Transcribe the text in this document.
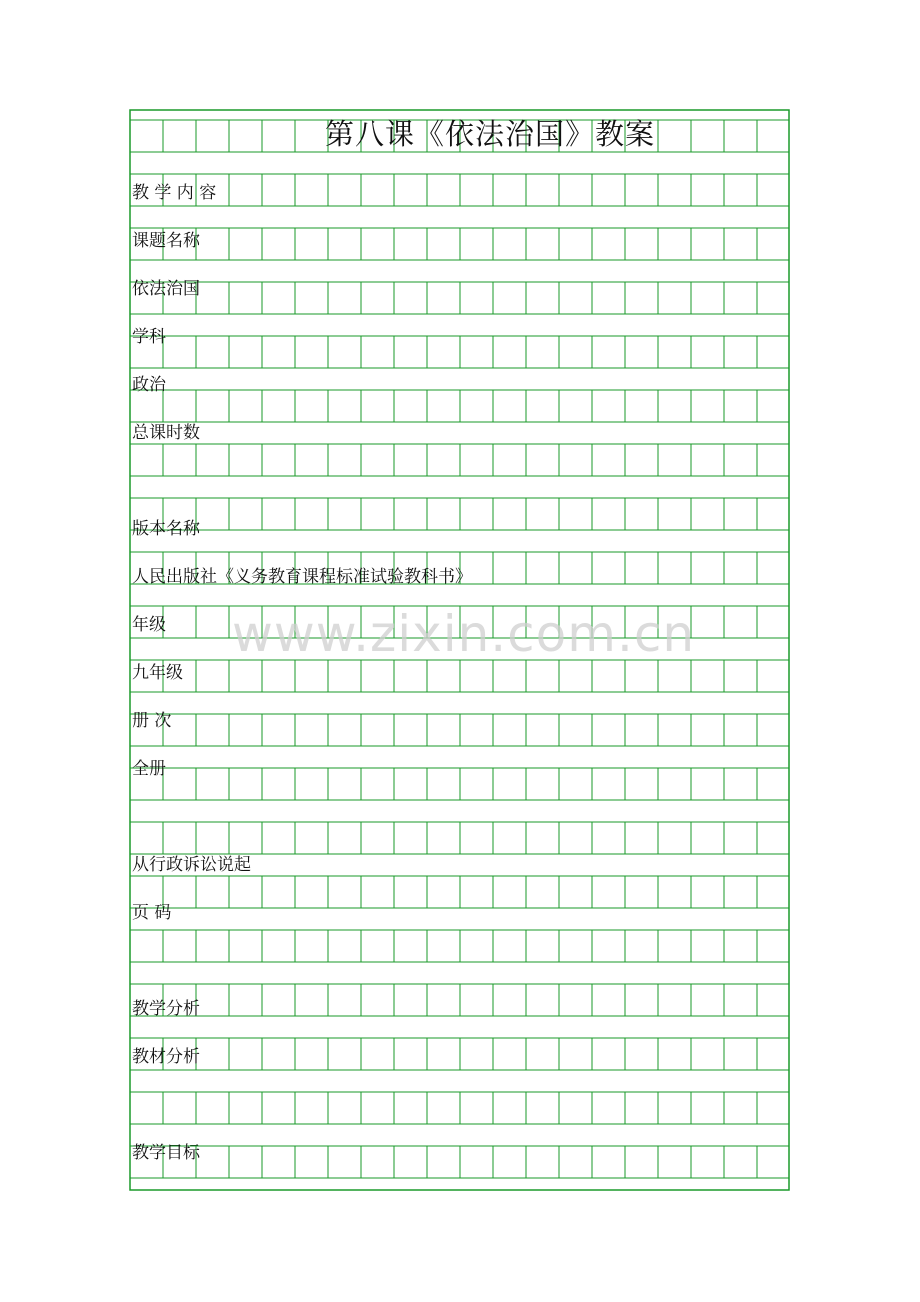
第八课《依法治国》教案
教 学 内 容
课题名称
依法治国
学科
政治
总课时数
版本名称
人民出版社《义务教育课程标准试验教科书》
年级
九年级
册 次
全册
从行政诉讼说起
页 码
教学分析
教材分析
教学目标
www.zixin.com.cn
